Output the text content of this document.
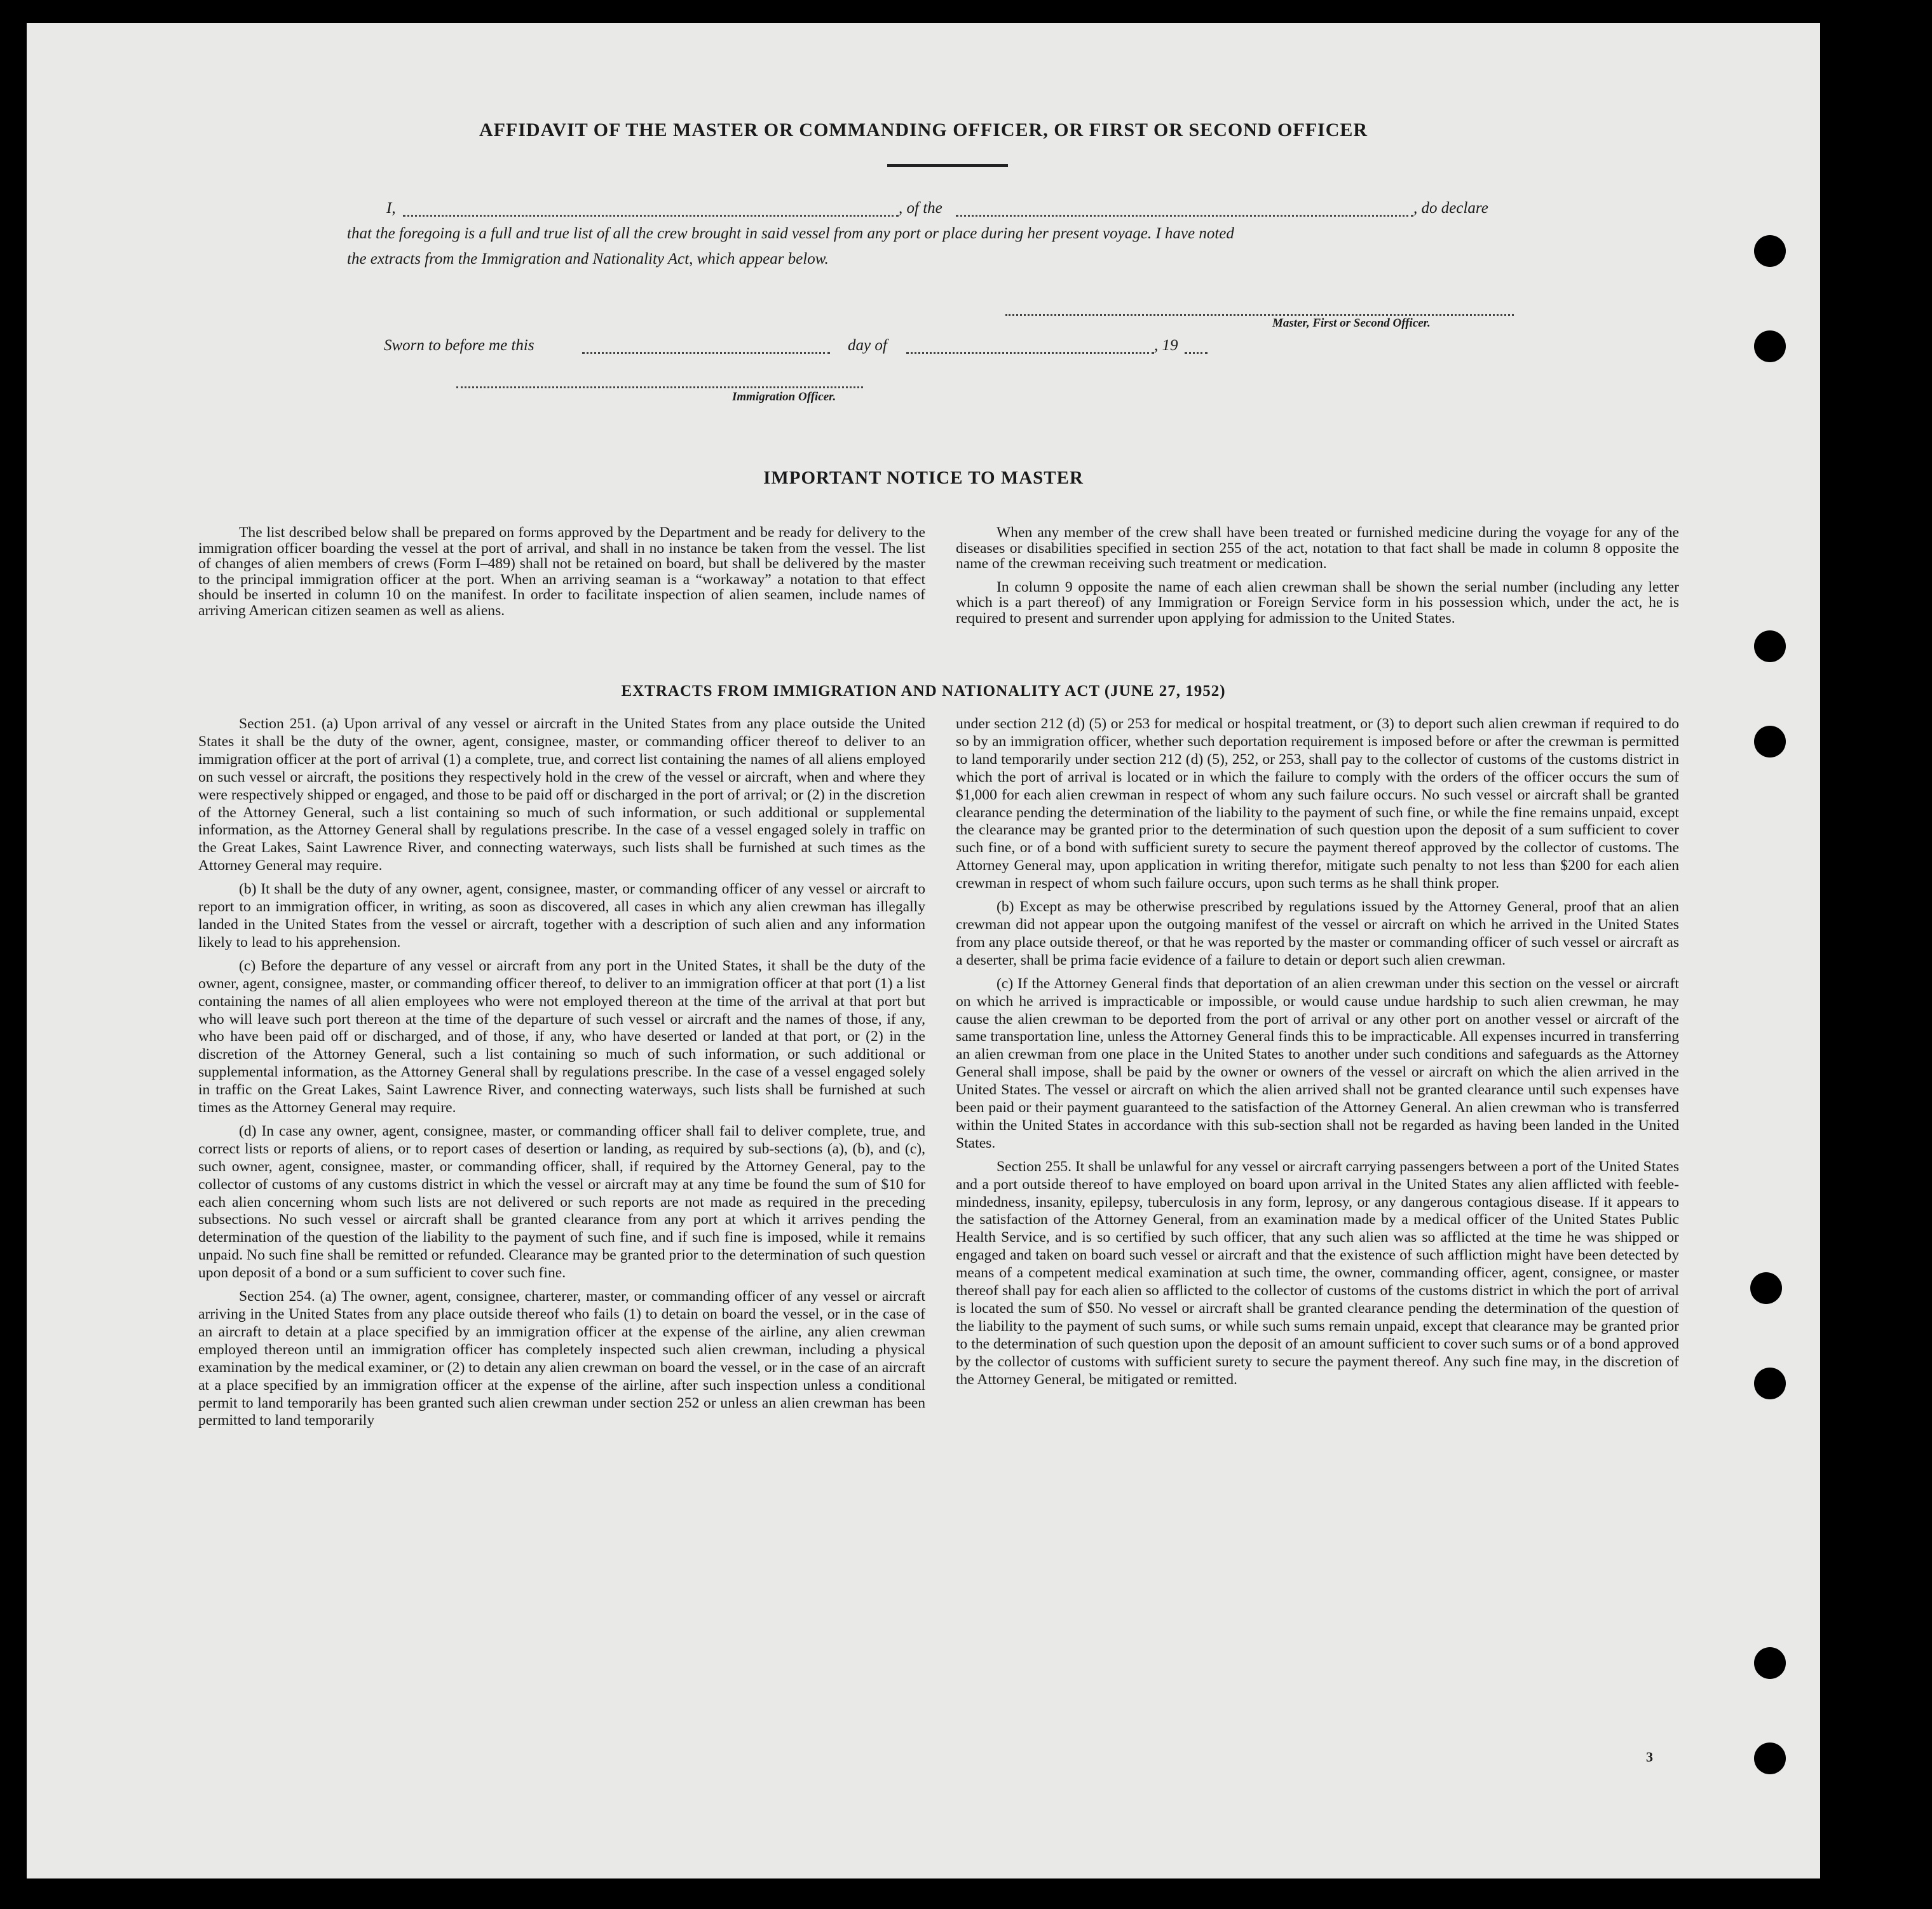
AFFIDAVIT OF THE MASTER OR COMMANDING OFFICER, OR FIRST OR SECOND OFFICER
I,	, of the	, do declare
that the foregoing is a full and true list of all the crew brought in said vessel from any port or place during her present voyage. I have noted
the extracts from the Immigration and Nationality Act, which appear below.
Master, First or Second Officer.
Sworn to before me this	day of	, 19
Immigration Officer.
IMPORTANT NOTICE TO MASTER

The list described below shall be prepared on forms approved by the Department and be ready for delivery to the immigration officer boarding the vessel at the port of arrival, and shall in no instance be taken from the vessel. The list of changes of alien members of crews (Form I–489) shall not be retained on board, but shall be delivered by the master to the principal immigration officer at the port. When an arriving seaman is a “workaway” a notation to that effect should be inserted in column 10 on the manifest. In order to facilitate inspection of alien seamen, include names of arriving American citizen seamen as well as aliens.

When any member of the crew shall have been treated or furnished medicine during the voyage for any of the diseases or disabilities specified in section 255 of the act, notation to that fact shall be made in column 8 opposite the name of the crewman receiving such treatment or medication.

In column 9 opposite the name of each alien crewman shall be shown the serial number (including any letter which is a part thereof) of any Immigration or Foreign Service form in his possession which, under the act, he is required to present and surrender upon applying for admission to the United States.

EXTRACTS FROM IMMIGRATION AND NATIONALITY ACT (JUNE 27, 1952)

Section 251. (a) Upon arrival of any vessel or aircraft in the United States from any place outside the United States it shall be the duty of the owner, agent, consignee, master, or commanding officer thereof to deliver to an immigration officer at the port of arrival (1) a complete, true, and correct list containing the names of all aliens employed on such vessel or aircraft, the positions they respectively hold in the crew of the vessel or aircraft, when and where they were respectively shipped or engaged, and those to be paid off or discharged in the port of arrival; or (2) in the discretion of the Attorney General, such a list containing so much of such information, or such additional or supplemental information, as the Attorney General shall by regulations prescribe. In the case of a vessel engaged solely in traffic on the Great Lakes, Saint Lawrence River, and connecting waterways, such lists shall be furnished at such times as the Attorney General may require.

(b) It shall be the duty of any owner, agent, consignee, master, or commanding officer of any vessel or aircraft to report to an immigration officer, in writing, as soon as discovered, all cases in which any alien crewman has illegally landed in the United States from the vessel or aircraft, together with a description of such alien and any information likely to lead to his apprehension.

(c) Before the departure of any vessel or aircraft from any port in the United States, it shall be the duty of the owner, agent, consignee, master, or commanding officer thereof, to deliver to an immigration officer at that port (1) a list containing the names of all alien employees who were not employed thereon at the time of the arrival at that port but who will leave such port thereon at the time of the departure of such vessel or aircraft and the names of those, if any, who have been paid off or discharged, and of those, if any, who have deserted or landed at that port, or (2) in the discretion of the Attorney General, such a list containing so much of such information, or such additional or supplemental information, as the Attorney General shall by regulations prescribe. In the case of a vessel engaged solely in traffic on the Great Lakes, Saint Lawrence River, and connecting waterways, such lists shall be furnished at such times as the Attorney General may require.

(d) In case any owner, agent, consignee, master, or commanding officer shall fail to deliver complete, true, and correct lists or reports of aliens, or to report cases of desertion or landing, as required by sub-sections (a), (b), and (c), such owner, agent, consignee, master, or commanding officer, shall, if required by the Attorney General, pay to the collector of customs of any customs district in which the vessel or aircraft may at any time be found the sum of $10 for each alien concerning whom such lists are not delivered or such reports are not made as required in the preceding subsections. No such vessel or aircraft shall be granted clearance from any port at which it arrives pending the determination of the question of the liability to the payment of such fine, and if such fine is imposed, while it remains unpaid. No such fine shall be remitted or refunded. Clearance may be granted prior to the determination of such question upon deposit of a bond or a sum sufficient to cover such fine.

Section 254. (a) The owner, agent, consignee, charterer, master, or commanding officer of any vessel or aircraft arriving in the United States from any place outside thereof who fails (1) to detain on board the vessel, or in the case of an aircraft to detain at a place specified by an immigration officer at the expense of the airline, any alien crewman employed thereon until an immigration officer has completely inspected such alien crewman, including a physical examination by the medical examiner, or (2) to detain any alien crewman on board the vessel, or in the case of an aircraft at a place specified by an immigration officer at the expense of the airline, after such inspection unless a conditional permit to land temporarily has been granted such alien crewman under section 252 or unless an alien crewman has been permitted to land temporarily

under section 212 (d) (5) or 253 for medical or hospital treatment, or (3) to deport such alien crewman if required to do so by an immigration officer, whether such deportation requirement is imposed before or after the crewman is permitted to land temporarily under section 212 (d) (5), 252, or 253, shall pay to the collector of customs of the customs district in which the port of arrival is located or in which the failure to comply with the orders of the officer occurs the sum of $1,000 for each alien crewman in respect of whom any such failure occurs. No such vessel or aircraft shall be granted clearance pending the determination of the liability to the payment of such fine, or while the fine remains unpaid, except the clearance may be granted prior to the determination of such question upon the deposit of a sum sufficient to cover such fine, or of a bond with sufficient surety to secure the payment thereof approved by the collector of customs. The Attorney General may, upon application in writing therefor, mitigate such penalty to not less than $200 for each alien crewman in respect of whom such failure occurs, upon such terms as he shall think proper.

(b) Except as may be otherwise prescribed by regulations issued by the Attorney General, proof that an alien crewman did not appear upon the outgoing manifest of the vessel or aircraft on which he arrived in the United States from any place outside thereof, or that he was reported by the master or commanding officer of such vessel or aircraft as a deserter, shall be prima facie evidence of a failure to detain or deport such alien crewman.

(c) If the Attorney General finds that deportation of an alien crewman under this section on the vessel or aircraft on which he arrived is impracticable or impossible, or would cause undue hardship to such alien crewman, he may cause the alien crewman to be deported from the port of arrival or any other port on another vessel or aircraft of the same transportation line, unless the Attorney General finds this to be impracticable. All expenses incurred in transferring an alien crewman from one place in the United States to another under such conditions and safeguards as the Attorney General shall impose, shall be paid by the owner or owners of the vessel or aircraft on which the alien arrived in the United States. The vessel or aircraft on which the alien arrived shall not be granted clearance until such expenses have been paid or their payment guaranteed to the satisfaction of the Attorney General. An alien crewman who is transferred within the United States in accordance with this sub-section shall not be regarded as having been landed in the United States.

Section 255. It shall be unlawful for any vessel or aircraft carrying passengers between a port of the United States and a port outside thereof to have employed on board upon arrival in the United States any alien afflicted with feeble-mindedness, insanity, epilepsy, tuberculosis in any form, leprosy, or any dangerous contagious disease. If it appears to the satisfaction of the Attorney General, from an examination made by a medical officer of the United States Public Health Service, and is so certified by such officer, that any such alien was so afflicted at the time he was shipped or engaged and taken on board such vessel or aircraft and that the existence of such affliction might have been detected by means of a competent medical examination at such time, the owner, commanding officer, agent, consignee, or master thereof shall pay for each alien so afflicted to the collector of customs of the customs district in which the port of arrival is located the sum of $50. No vessel or aircraft shall be granted clearance pending the determination of the question of the liability to the payment of such sums, or while such sums remain unpaid, except that clearance may be granted prior to the determination of such question upon the deposit of an amount sufficient to cover such sums or of a bond approved by the collector of customs with sufficient surety to secure the payment thereof. Any such fine may, in the discretion of the Attorney General, be mitigated or remitted.

3
